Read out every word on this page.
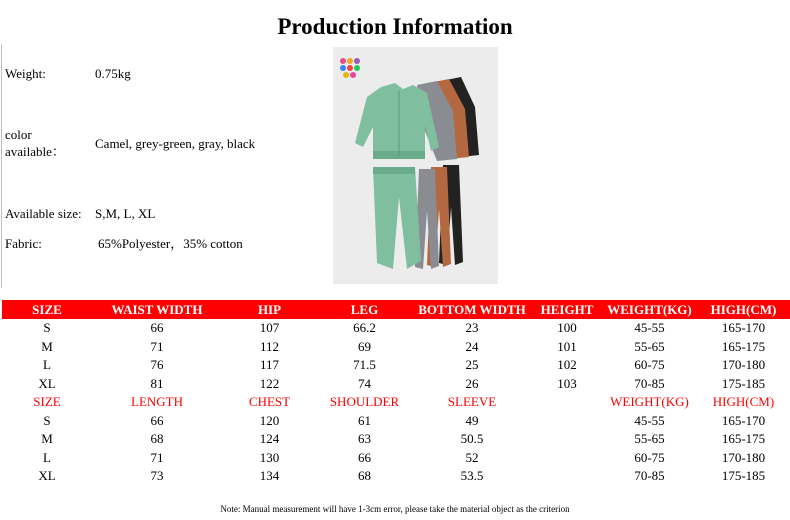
Production Information
Weight:	0.75kg
color
available：
Camel, grey-green, gray, black
Available size: S,M, L, XL
Fabric:	65%Polyester，35% cotton
SIZE	WAIST WIDTH	HIP	LEG	BOTTOM WIDTH	HEIGHT	WEIGHT(KG)	HIGH(CM)
S	66	107	66.2	23	100	45-55	165-170
M	71	112	69	24	101	55-65	165-175
L	76	117	71.5	25	102	60-75	170-180
XL	81	122	74	26	103	70-85	175-185
SIZE	LENGTH	CHEST	SHOULDER	SLEEVE		WEIGHT(KG)	HIGH(CM)
S	66	120	61	49		45-55	165-170
M	68	124	63	50.5		55-65	165-175
L	71	130	66	52		60-75	170-180
XL	73	134	68	53.5		70-85	175-185
Note: Manual measurement will have 1-3cm error, please take the material object as the criterion
